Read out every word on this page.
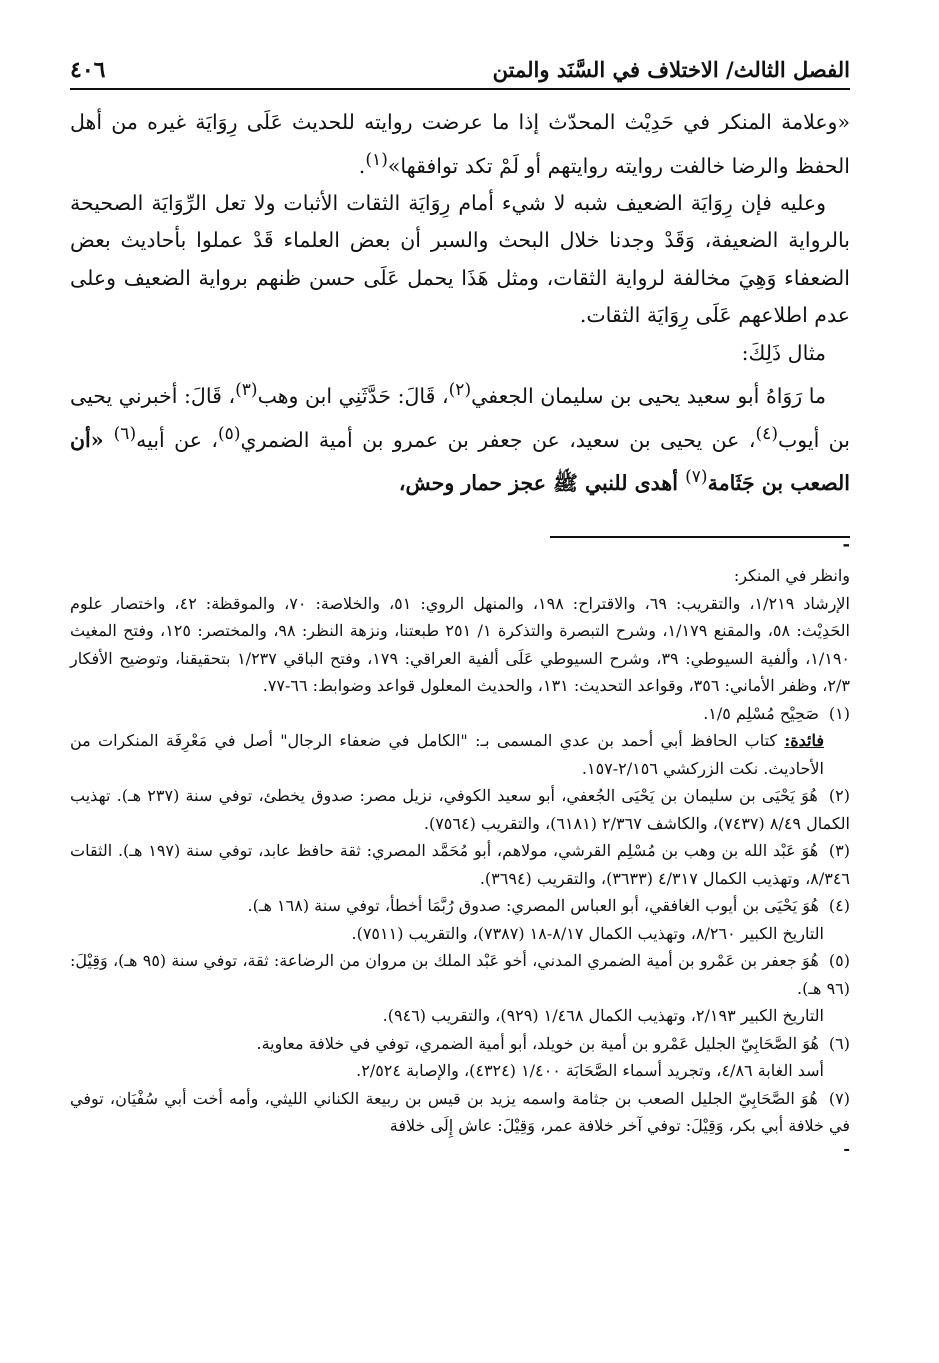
الفصل الثالث/ الاختلاف في السَّنَد والمتن
٤٠٦

«وعلامة المنكر في حَدِيْث المحدّث إذا ما عرضت روايته للحديث عَلَى رِوَايَة غيره من أهل الحفظ والرضا خالفت روايته روايتهم أو لَمْ تكد توافقها»$^{(١)}$.

وعليه فإن رِوَايَة الضعيف شبه لا شيء أمام رِوَايَة الثقات الأثبات ولا تعل الرِّوَايَة الصحيحة بالرواية الضعيفة، وَقَدْ وجدنا خلال البحث والسبر أن بعض العلماء قَدْ عملوا بأحاديث بعض الضعفاء وَهِيَ مخالفة لرواية الثقات، ومثل هَذَا يحمل عَلَى حسن ظنهم برواية الضعيف وعلى عدم اطلاعهم عَلَى رِوَايَة الثقات.

مثال ذَلِكَ:

ما رَوَاهُ أبو سعيد يحيى بن سليمان الجعفي$^{(٢)}$، قَالَ: حَدَّثَنِي ابن وهب$^{(٣)}$، قَالَ: أخبرني يحيى بن أيوب$^{(٤)}$، عن يحيى بن سعيد، عن جعفر بن عمرو بن أمية الضمري$^{(٥)}$، عن أبيه$^{(٦)}$ «أن الصعب بن جَثَامة$^{(٧)}$ أهدى للنبي ﷺ عجز حمار وحش،

-

وانظر في المنكر:

الإرشاد ١/٢١٩، والتقريب: ٦٩، والاقتراح: ١٩٨، والمنهل الروي: ٥١، والخلاصة: ٧٠، والموقظة: ٤٢، واختصار علوم الحَدِيْث: ٥٨، والمقنع ١/١٧٩، وشرح التبصرة والتذكرة ١/ ٢٥١ طبعتنا، ونزهة النظر: ٩٨، والمختصر: ١٢٥، وفتح المغيث ١/١٩٠، وألفية السيوطي: ٣٩، وشرح السيوطي عَلَى ألفية العراقي: ١٧٩، وفتح الباقي ١/٢٣٧ بتحقيقنا، وتوضيح الأفكار ٢/٣، وظفر الأماني: ٣٥٦، وقواعد التحديث: ١٣١، والحديث المعلول قواعد وضوابط: ٦٦-٧٧.

(١) صَحِيْح مُسْلِم ١/٥.

فائدة: كتاب الحافظ أبي أحمد بن عدي المسمى بـ: "الكامل في ضعفاء الرجال" أصل في مَعْرِفَة المنكرات من الأحاديث. نكت الزركشي ٢/١٥٦-١٥٧.

(٢) هُوَ يَحْيَى بن سليمان بن يَحْيَى الجُعفي، أبو سعيد الكوفي، نزيل مصر: صدوق يخطئ، توفي سنة (٢٣٧ هـ). تهذيب الكمال ٨/٤٩ (٧٤٣٧)، والكاشف ٢/٣٦٧ (٦١٨١)، والتقريب (٧٥٦٤).

(٣) هُوَ عَبْد الله بن وهب بن مُسْلِم القرشي، مولاهم، أبو مُحَمَّد المصري: ثقة حافظ عابد، توفي سنة (١٩٧ هـ). الثقات ٨/٣٤٦، وتهذيب الكمال ٤/٣١٧ (٣٦٣٣)، والتقريب (٣٦٩٤).

(٤) هُوَ يَحْيَى بن أيوب الغافقي، أبو العباس المصري: صدوق رُبَّمَا أخطأ، توفي سنة (١٦٨ هـ).

التاريخ الكبير ٨/٢٦٠، وتهذيب الكمال ٨/١٧-١٨ (٧٣٨٧)، والتقريب (٧٥١١).

(٥) هُوَ جعفر بن عَمْرو بن أمية الضمري المدني، أخو عَبْد الملك بن مروان من الرضاعة: ثقة، توفي سنة (٩٥ هـ)، وَقِيْلَ: (٩٦ هـ).

التاريخ الكبير ٢/١٩٣، وتهذيب الكمال ١/٤٦٨ (٩٢٩)، والتقريب (٩٤٦).

(٦) هُوَ الصَّحَابِيّ الجليل عَمْرو بن أمية بن خويلد، أبو أمية الضمري، توفي في خلافة معاوية.

أسد الغابة ٤/٨٦، وتجريد أسماء الصَّحَابَة ١/٤٠٠ (٤٣٢٤)، والإصابة ٢/٥٢٤.

(٧) هُوَ الصَّحَابِيّ الجليل الصعب بن جثامة واسمه يزيد بن قيس بن ربيعة الكناني الليثي، وأمه أخت أبي سُفْيَان، توفي في خلافة أبي بكر، وَقِيْلَ: توفي آخر خلافة عمر، وَقِيْلَ: عاش إِلَى خلافة

-
